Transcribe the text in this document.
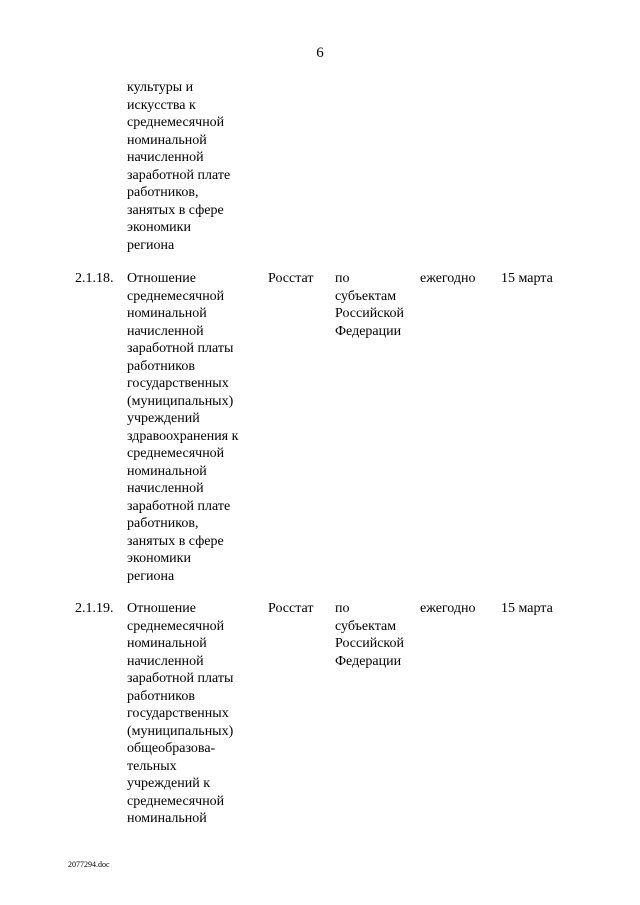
6
культуры и
искусства к
среднемесячной
номинальной
начисленной
заработной плате
работников,
занятых в сфере
экономики
региона
2.1.18. Отношение
среднемесячной
номинальной
начисленной
заработной платы
работников
государственных
(муниципальных)
учреждений
здравоохранения к
среднемесячной
номинальной
начисленной
заработной плате
работников,
занятых в сфере
экономики
региона
Росстат по
субъектам
Российской
Федерации
ежегодно 15 марта
2.1.19. Отношение
среднемесячной
номинальной
начисленной
заработной платы
работников
государственных
(муниципальных)
общеобразова-
тельных
учреждений к
среднемесячной
номинальной
Росстат по
субъектам
Российской
Федерации
ежегодно 15 марта
2077294.doc
